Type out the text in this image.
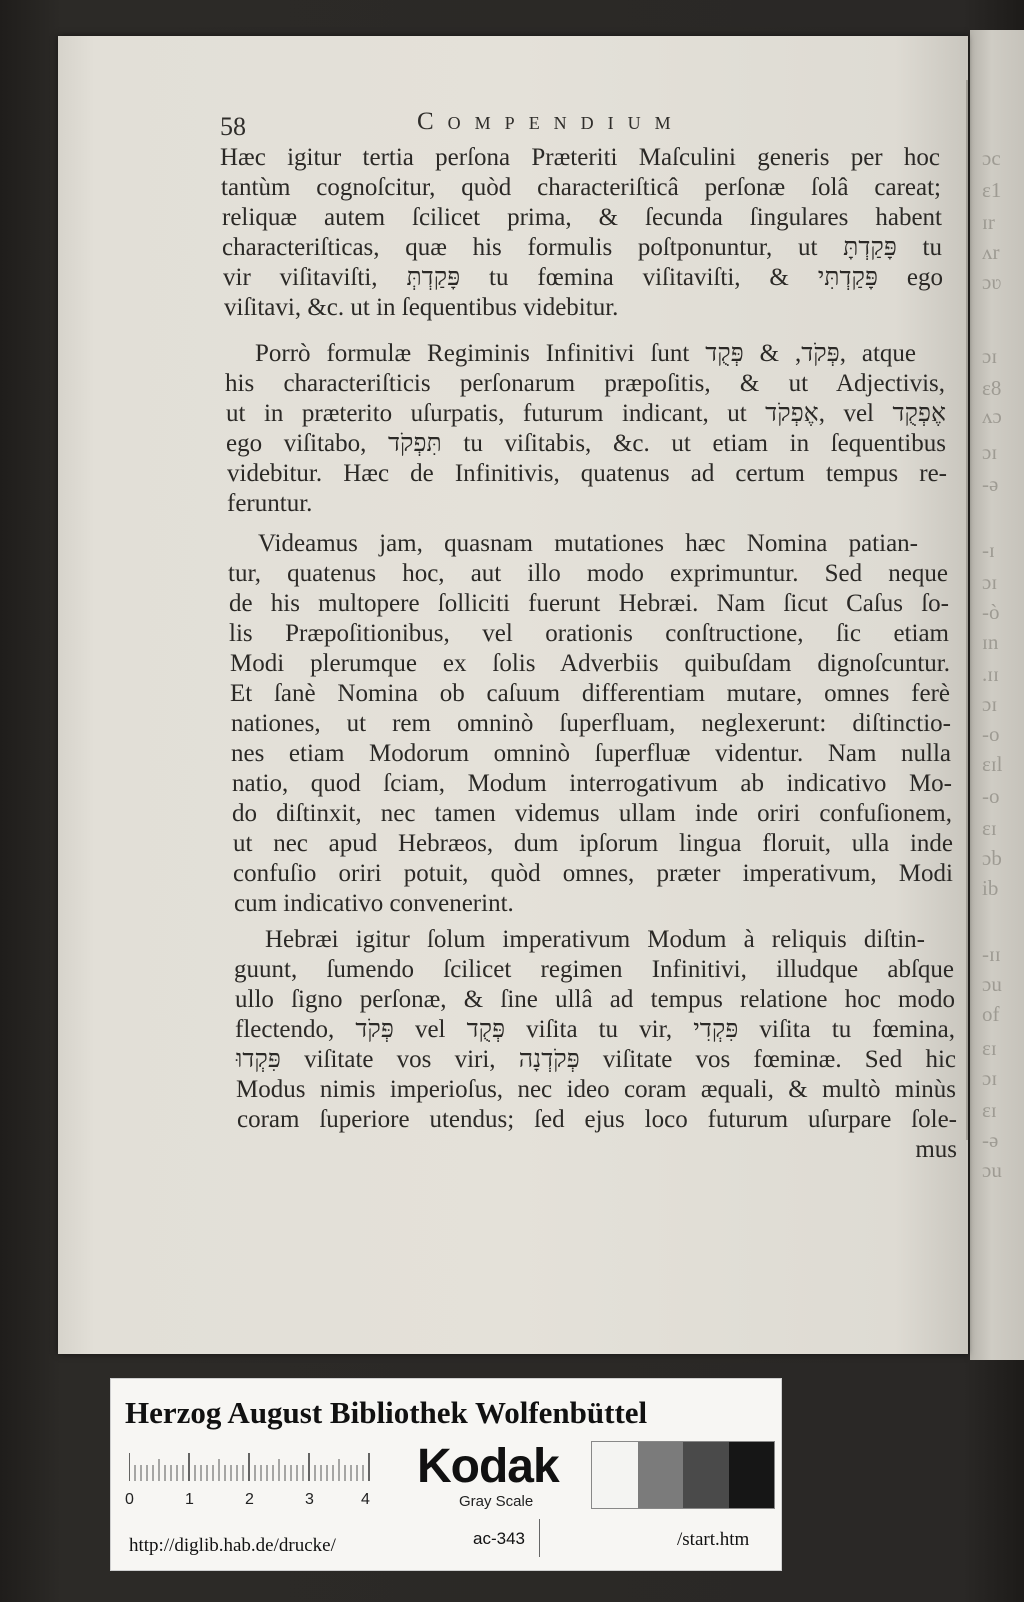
ɔc
ɛ1
ɪr
ʌr
ɔʋ
ɔɪ
ɛ8
ʌɔ
ɔɪ
-ə
-ɪ
ɔɪ
-ò
ɪn
.ɪɪ
ɔɪ
-o
ɛɪl
-o
ɛɪ
ɔb
ib
-ɪɪ
ɔu
of
ɛɪ
ɔɪ
ɛɪ
-ə
ɔu
58	Compendium
Hæc igitur tertia perſona Præteriti Maſculini generis per hoc
tantùm cognoſcitur, quòd characteriſticâ perſonæ ſolâ careat;
reliquæ autem ſcilicet prima, & ſecunda ſingulares habent
characteriſticas, quæ his formulis poſtponuntur, ut פָּקַדְתָּ tu
vir viſitaviſti, פָּקַדְתְּ tu fœmina viſitaviſti, & פָּקַדְתִּי ego
viſitavi, &c. ut in ſequentibus videbitur.
Porrò formulæ Regiminis Infinitivi ſunt פְּקֹד, & פְּקֻד, atque
his characteriſticis perſonarum præpoſitis, & ut Adjectivis,
ut in præterito uſurpatis, futurum indicant, ut אֶפְקֹד, vel אֶפְקֻד
ego viſitabo, תִּפְקֹד tu viſitabis, &c. ut etiam in ſequentibus
videbitur. Hæc de Infinitivis, quatenus ad certum tempus re-
feruntur.
Videamus jam, quasnam mutationes hæc Nomina patian-
tur, quatenus hoc, aut illo modo exprimuntur. Sed neque
de his multopere ſolliciti fuerunt Hebræi. Nam ſicut Caſus ſo-
lis Præpoſitionibus, vel orationis conſtructione, ſic etiam
Modi plerumque ex ſolis Adverbiis quibuſdam dignoſcuntur.
Et ſanè Nomina ob caſuum differentiam mutare, omnes ferè
nationes, ut rem omninò ſuperfluam, neglexerunt: diſtinctio-
nes etiam Modorum omninò ſuperfluæ videntur. Nam nulla
natio, quod ſciam, Modum interrogativum ab indicativo Mo-
do diſtinxit, nec tamen videmus ullam inde oriri confuſionem,
ut nec apud Hebræos, dum ipſorum lingua floruit, ulla inde
confuſio oriri potuit, quòd omnes, præter imperativum, Modi
cum indicativo convenerint.
Hebræi igitur ſolum imperativum Modum à reliquis diſtin-
guunt, ſumendo ſcilicet regimen Infinitivi, illudque abſque
ullo ſigno perſonæ, & ſine ullâ ad tempus relatione hoc modo
flectendo, פְּקֹד vel פְּקֻד viſita tu vir, פִּקְדִי viſita tu fœmina,
פִּקְדוּ viſitate vos viri, פְּקֹדְנָה viſitate vos fœminæ. Sed hic
Modus nimis imperioſus, nec ideo coram æquali, & multò minùs
coram ſuperiore utendus; ſed ejus loco futurum uſurpare ſole-
mus
Herzog August Bibliothek Wolfenbüttel
0	1	2	3	4
Kodak
Gray Scale
http://diglib.hab.de/drucke/	ac-343	/start.htm
